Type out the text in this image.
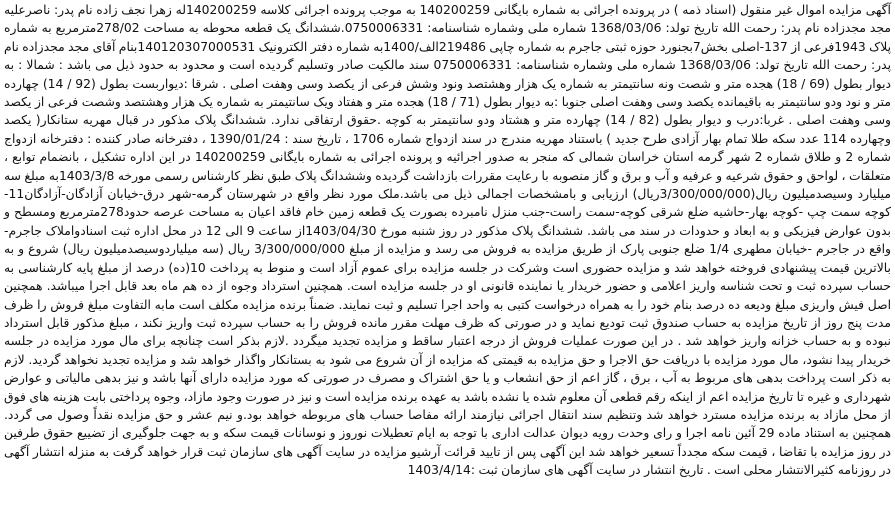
آگهی مزایده اموال غیر منقول (اسناد ذمه ) در پرونده اجرائی به شماره بایگانی 140200259 به موجب پرونده اجرائی کلاسه 140200259له زهرا نجف زاده نام پدر: ناصرعلیه مجد مجدزاده نام پدر: رحمت الله تاریخ تولد: 1368/03/06 شماره ملی وشماره شناسنامه: 0750006331.ششدانگ یک قطعه محوطه به مساحت 278/02مترمربع به شماره پلاک 1943فرعی از 137-اصلی بخش7بجنورد حوزه ثبتی جاجرم به شماره چاپی 219486الف/1400به شماره دفتر الکترونیک 140120307000531بنام آقای مجد مجدزاده نام پدر: رحمت الله تاریخ تولد: 1368/03/06 شماره ملی وشماره شناسنامه: 0750006331 سند مالکیت صادر وتسلیم گردیده است و محدود به حدود ذیل می باشد : شمالا : به دیوار بطول (69 / 18) هجده متر و شصت ونه سانتیمتر به شماره یک هزار وهشتصد ونود وشش فرعی از یکصد وسی وهفت اصلی . شرقا :دیواربست بطول (92 / 14) چهارده متر و نود ودو سانتیمتر به باقیمانده یکصد وسی وهفت اصلی جنوبا :به دیوار بطول (71 / 18) هجده متر و هفتاد ویک سانتیمتر به شماره یک هزار وهشتصد وشصت فرعی از یکصد وسی وهفت اصلی . غربا:درب و دیوار بطول (82 / 14) چهارده متر و هشتاد ودو سانتیمتر به کوچه .حقوق ارتفاقی ندارد. ششدانگ پلاک مذکور در قبال مهریه ستانکار( یکصد وچهارده 114 عدد سکه طلا تمام بهار آزادی طرح جدید ) باستناد مهریه مندرج در سند ازدواج شماره 1706 ، تاریخ سند : 1390/01/24 ، دفترخانه صادر کننده : دفترخانه ازدواج شماره 2 و طلاق شماره 2 شهر گرمه استان خراسان شمالی که منجر به صدور اجرائیه و پرونده اجرائی به شماره بایگانی 140200259 در این اداره تشکیل ، بانضمام توابع ، متعلقات ، لواحق و حقوق شرعیه و عرفیه و آب و برق و گاز منصوبه با رعایت مقررات بازداشت گردیده وششدانگ پلاک طبق نظر کارشناس رسمی مورخه 1403/3/8به مبلغ سه میلیارد وسیصدمیلیون ریال(3/300/000/000ریال) ارزیابی و بامشخصات اجمالی ذیل می باشد.ملک مورد نظر واقع در شهرستان گرمه-شهر درق-خیابان آزادگان-آزادگان11-کوچه سمت چپ -کوچه بهار-حاشیه ضلع شرقی کوچه-سمت راست-جنب منزل نامبرده بصورت یک قطعه زمین خام فاقد اعیان به مساحت عرصه حدود278مترمربع ومسطح و بدون عوارض فیزیکی و به ابعاد و حدودات در سند می باشد. ششدانگ پلاک مذکور در روز شنبه مورخ 1403/04/30از ساعت 9 الی 12 در محل اداره ثبت اسنادواملاک جاجرم- واقع در جاجرم -خیابان مطهری 1/4 ضلع جنوبی پارک از طریق مزایده به فروش می رسد و مزایده از مبلغ 3/300/000/000 ریال (سه میلیاردوسیصدمیلیون ریال) شروع و به بالاترین قیمت پیشنهادی فروخته خواهد شد و مزایده حضوری است وشرکت در جلسه مزایده برای عموم آزاد است و منوط به پرداخت 10(ده) درصد از مبلغ پایه کارشناسی به حساب سپرده ثبت و تحت شناسه واریز اعلامی و حضور خریدار یا نماینده قانونی او در جلسه مزایده است. همچنین استرداد وجوه از ده هم ماه بعد قابل اجرا میباشد. همچنین اصل فیش واریزی مبلغ ودیعه ده درصد بنام خود را به همراه درخواست کتبی به واحد اجرا تسلیم و ثبت نمایند. ضمناً برنده مزایده مکلف است مابه التفاوت مبلغ فروش را ظرف مدت پنج روز از تاریخ مزایده به حساب صندوق ثبت تودیع نماید و در صورتی که ظرف مهلت مقرر مانده فروش را به حساب سپرده ثبت واریز نکند ، مبلغ مذکور قابل استرداد نبوده و به حساب خزانه واریز خواهد شد . در این صورت عملیات فروش از درجه اعتبار ساقط و مزایده تجدید میگردد .لازم بذکر است چنانچه برای مال مورد مزایده در جلسه خریدار پیدا نشود، مال مورد مزایده با دریافت حق الاجرا و حق مزایده به قیمتی که مزایده از آن شروع می شود به بستانکار واگذار خواهد شد و مزایده تجدید نخواهد گردید. لازم به ذکر است پرداخت بدهی های مربوط به آب ، برق ، گاز اعم از حق انشعاب و یا حق اشتراک و مصرف در صورتی که مورد مزایده دارای آنها باشد و نیز بدهی مالیاتی و عوارض شهرداری و غیره تا تاریخ مزایده اعم از اینکه رقم قطعی آن معلوم شده یا نشده باشد به عهده برنده مزایده است و نیز در صورت وجود مازاد، وجوه پرداختی بابت هزینه های فوق از محل مازاد به برنده مزایده مسترد خواهد شد وتنظیم سند انتقال اجرائی نیازمند ارائه مفاصا حساب های مربوطه خواهد بود.و نیم عشر و حق مزایده نقداً وصول می گردد. همچنین به استناد ماده 29 آئین نامه اجرا و رای وحدت رویه دیوان عدالت اداری با توجه به ایام تعطیلات نوروز و نوسانات قیمت سکه و به جهت جلوگیری از تضییع حقوق طرفین در روز مزایده با تقاضا ، قیمت سکه مجدداً تسعیر خواهد شد این آگهی پس از تایید قرائت آرشیو مزایده در سایت آگهی های سازمان ثبت قرار خواهد گرفت به منزله انتشار آگهی در روزنامه کثیرالانتشار محلی است . تاریخ انتشار در سایت آگهی های سازمان ثبت :1403/4/14
